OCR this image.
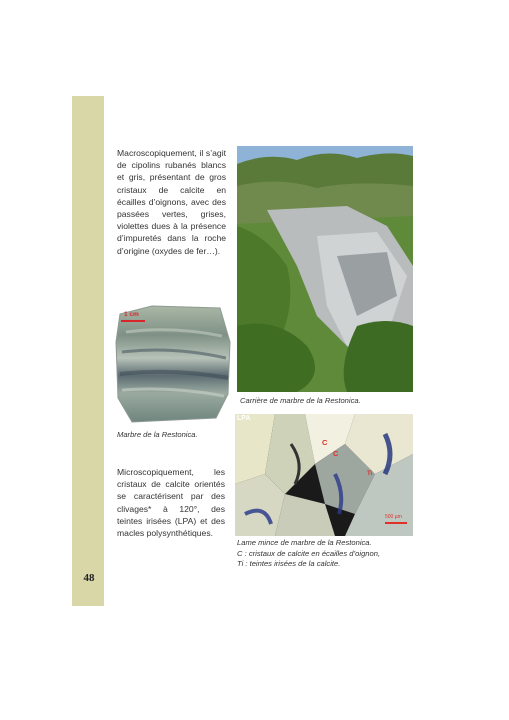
48

Macroscopiquement, il s’agit de cipolins rubanés blancs et gris, présentant de gros cristaux de calcite en écailles d’oignons, avec des passées vertes, grises, violettes dues à la présence d’impuretés dans la roche d’origine (oxydes de fer…).

1 cm
Marbre de la Restonica.
Carrière de marbre de la Restonica.

Microscopiquement, les cristaux de calcite orientés se caractérisent par des clivages* à 120°, des teintes irisées (LPA) et des macles polysynthétiques.

LPA
C
C
Ti
500 µm
Lame mince de marbre de la Restonica.
C : cristaux de calcite en écailles d’oignon,
Ti : teintes irisées de la calcite.
